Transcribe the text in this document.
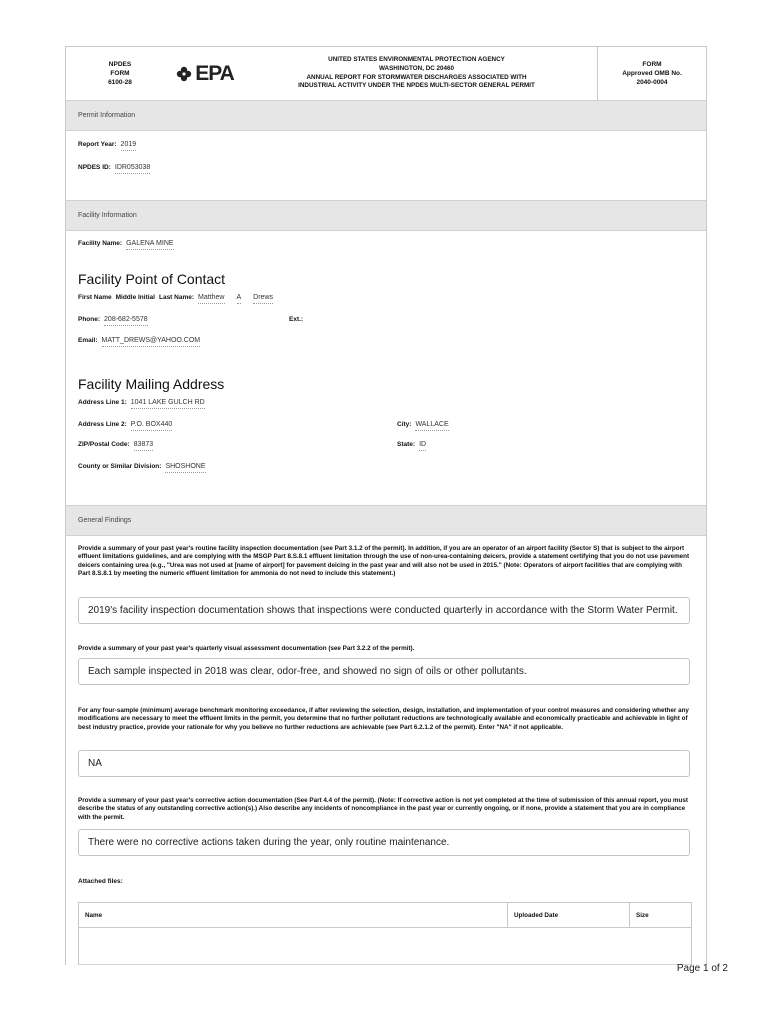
NPDES
FORM
6100-28	EPA
UNITED STATES ENVIRONMENTAL PROTECTION AGENCY
WASHINGTON, DC 20460
ANNUAL REPORT FOR STORMWATER DISCHARGES ASSOCIATED WITH
INDUSTRIAL ACTIVITY UNDER THE NPDES MULTI-SECTOR GENERAL PERMIT
FORM
Approved OMB No.
2040-0004
Permit Information
Report Year: 2019
NPDES ID: IDR053038
Facility Information
Facility Name: GALENA MINE
Facility Point of Contact
First Name Middle Initial Last Name: Matthew A Drews
Phone: 208-682-5578	Ext.:
Email: MATT_DREWS@YAHOO.COM
Facility Mailing Address
Address Line 1: 1041 LAKE GULCH RD
Address Line 2: P.O. BOX440	City: WALLACE
ZIP/Postal Code: 83873	State: ID
County or Similar Division: SHOSHONE
General Findings
Provide a summary of your past year's routine facility inspection documentation (see Part 3.1.2 of the permit). In addition, if you are an operator of an airport facility (Sector S) that is subject to the airport effluent limitations guidelines, and are complying with the MSGP Part 8.S.8.1 effluent limitation through the use of non-urea-containing deicers, provide a statement certifying that you do not use pavement deicers containing urea (e.g., "Urea was not used at [name of airport] for pavement deicing in the past year and will also not be used in 2015." (Note: Operators of airport facilities that are complying with Part 8.S.8.1 by meeting the numeric effluent limitation for ammonia do not need to include this statement.)
2019's facility inspection documentation shows that inspections were conducted quarterly in accordance with the Storm Water Permit.
Provide a summary of your past year's quarterly visual assessment documentation (see Part 3.2.2 of the permit).
Each sample inspected in 2018 was clear, odor-free, and showed no sign of oils or other pollutants.
For any four-sample (minimum) average benchmark monitoring exceedance, if after reviewing the selection, design, installation, and implementation of your control measures and considering whether any modifications are necessary to meet the effluent limits in the permit, you determine that no further pollutant reductions are technologically available and economically practicable and achievable in light of best industry practice, provide your rationale for why you believe no further reductions are achievable (see Part 6.2.1.2 of the permit). Enter "NA" if not applicable.
NA
Provide a summary of your past year's corrective action documentation (See Part 4.4 of the permit). (Note: If corrective action is not yet completed at the time of submission of this annual report, you must describe the status of any outstanding corrective action(s).) Also describe any incidents of noncompliance in the past year or currently ongoing, or if none, provide a statement that you are in compliance with the permit.
There were no corrective actions taken during the year, only routine maintenance.
Attached files:
Name	Uploaded Date	Size
Page 1 of 2
